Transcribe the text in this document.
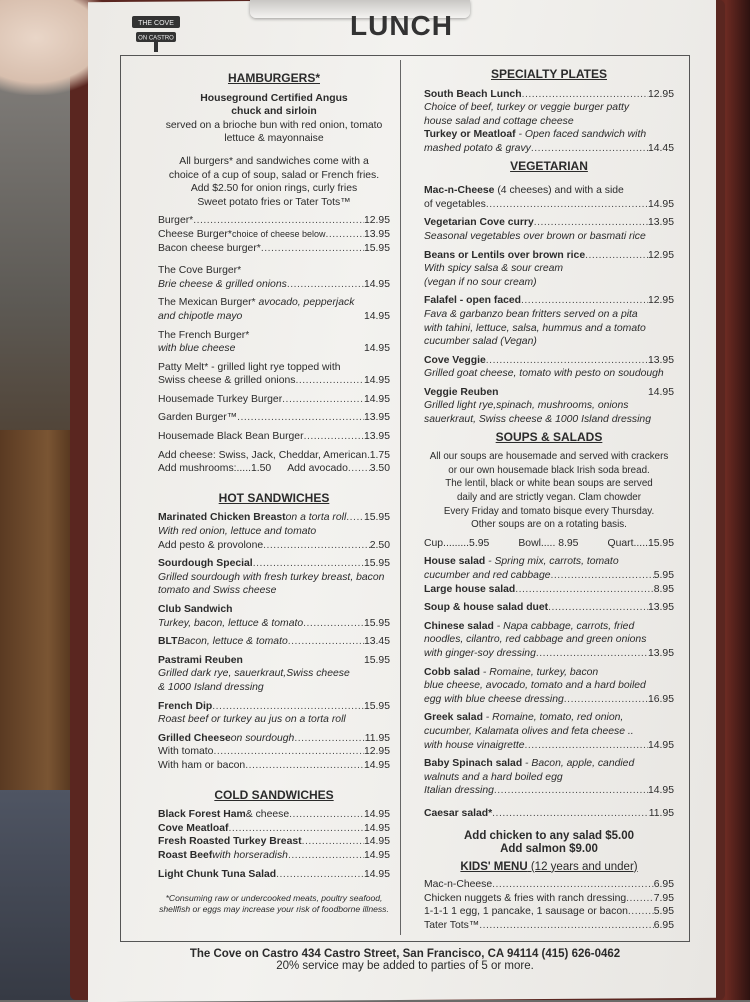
THE COVE
ON CASTRO	LUNCH
HAMBURGERS*
Houseground Certified Angus
chuck and sirloin
served on a brioche bun with red onion, tomato
lettuce & mayonnaise
All burgers* and sandwiches come with a
choice of a cup of soup, salad or French fries.
Add $2.50 for onion rings, curly fries
Sweet potato fries or Tater Tots™
Burger* .....	12.95
Cheese Burger* choice of cheese below .....	13.95
Bacon cheese burger* .....	15.95
The Cove Burger*
Brie cheese & grilled onions .....	14.95
The Mexican Burger* avocado, pepperjack
and chipotle mayo	14.95
The French Burger*
with blue cheese	14.95
Patty Melt* - grilled light rye topped with
Swiss cheese & grilled onions .....	14.95
Housemade Turkey Burger .....	14.95
Garden Burger™ .....	13.95
Housemade Black Bean Burger .....	13.95
Add cheese: Swiss, Jack, Cheddar, American ..... 1.75
Add mushrooms:.....1.50 Add avocado ..... 3.50
HOT SANDWICHES
Marinated Chicken Breast on a torta roll ..... 15.95
With red onion, lettuce and tomato
Add pesto & provolone .....	2.50
Sourdough Special .....	15.95
Grilled sourdough with fresh turkey breast, bacon
tomato and Swiss cheese
Club Sandwich
Turkey, bacon, lettuce & tomato .....	15.95
BLT Bacon, lettuce & tomato .....	13.45
Pastrami Reuben	15.95
Grilled dark rye, sauerkraut,Swiss cheese
& 1000 Island dressing
French Dip .....	15.95
Roast beef or turkey au jus on a torta roll
Grilled Cheese on sourdough .....	11.95
With tomato .....	12.95
With ham or bacon .....	14.95
COLD SANDWICHES
Black Forest Ham & cheese .....	14.95
Cove Meatloaf .....	14.95
Fresh Roasted Turkey Breast .....	14.95
Roast Beef with horseradish .....	14.95
Light Chunk Tuna Salad .....	14.95
*Consuming raw or undercooked meats, poultry seafood,
shellfish or eggs may increase your risk of foodborne illness.
SPECIALTY PLATES
South Beach Lunch .....	12.95
Choice of beef, turkey or veggie burger patty
house salad and cottage cheese
Turkey or Meatloaf - Open faced sandwich with
mashed potato & gravy .....	14.45
VEGETARIAN
Mac-n-Cheese (4 cheeses) and with a side
of vegetables .....	14.95
Vegetarian Cove curry .....	13.95
Seasonal vegetables over brown or basmati rice
Beans or Lentils over brown rice .....	12.95
With spicy salsa & sour cream
(vegan if no sour cream)
Falafel - open faced .....	12.95
Fava & garbanzo bean fritters served on a pita
with tahini, lettuce, salsa, hummus and a tomato
cucumber salad (Vegan)
Cove Veggie .....	13.95
Grilled goat cheese, tomato with pesto on soudough
Veggie Reuben	14.95
Grilled light rye,spinach, mushrooms, onions
sauerkraut, Swiss cheese & 1000 Island dressing
SOUPS & SALADS
All our soups are housemade and served with crackers
or our own housemade black Irish soda bread.
The lentil, black or white bean soups are served
daily and are strictly vegan. Clam chowder
Every Friday and tomato bisque every Thursday.
Other soups are on a rotating basis.
Cup.........5.95	Bowl..... 8.95	Quart.....15.95
House salad - Spring mix, carrots, tomato
cucumber and red cabbage .....	5.95
Large house salad .....	8.95
Soup & house salad duet .....	13.95
Chinese salad - Napa cabbage, carrots, fried
noodles, cilantro, red cabbage and green onions
with ginger-soy dressing .....	13.95
Cobb salad - Romaine, turkey, bacon
blue cheese, avocado, tomato and a hard boiled
egg with blue cheese dressing .....	16.95
Greek salad - Romaine, tomato, red onion,
cucumber, Kalamata olives and feta cheese ..
with house vinaigrette .....	14.95
Baby Spinach salad - Bacon, apple, candied
walnuts and a hard boiled egg
Italian dressing .....	14.95
Caesar salad* .....	11.95
Add chicken to any salad $5.00
Add salmon $9.00
KIDS' MENU (12 years and under)
Mac-n-Cheese .....	6.95
Chicken nuggets & fries with ranch dressing .....	7.95
1-1-1 1 egg, 1 pancake, 1 sausage or bacon ..... 5.95
Tater Tots™ .....	6.95
The Cove on Castro 434 Castro Street, San Francisco, CA 94114 (415) 626-0462
20% service may be added to parties of 5 or more.
